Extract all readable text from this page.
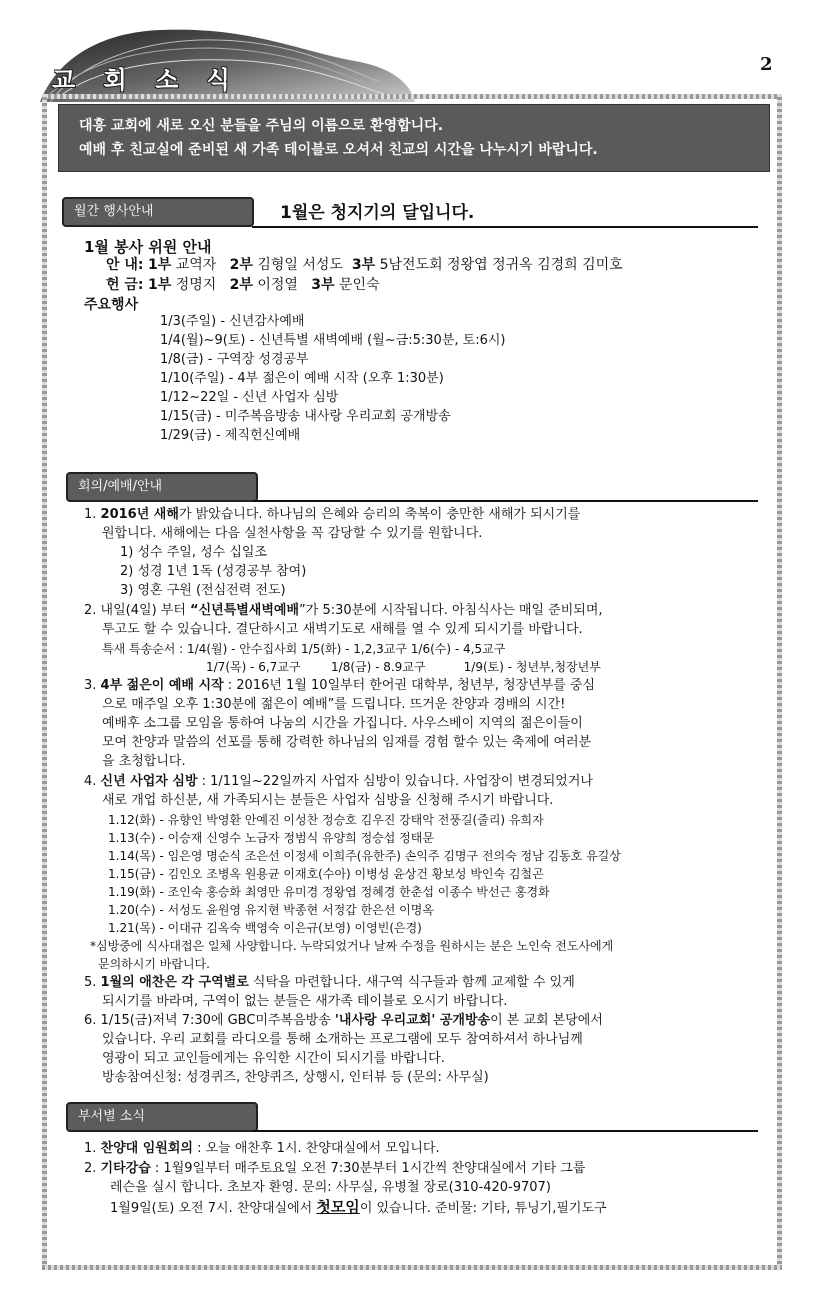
교 회 소 식
2
대흥 교회에 새로 오신 분들을 주님의 이름으로 환영합니다.
예배 후 친교실에 준비된 새 가족 테이블로 오셔서 친교의 시간을 나누시기 바랍니다.
월간 행사안내	1월은 청지기의 달입니다.
1월 봉사 위원 안내
안 내: 1부 교역자 2부 김형일 서성도 3부 5남전도회 정왕엽 정귀옥 김경희 김미호
헌 금: 1부 정명지 2부 이정열 3부 문인숙
주요행사
1/3(주일) - 신년감사예배
1/4(월)~9(토) - 신년특별 새벽예배 (월~금:5:30분, 토:6시)
1/8(금) - 구역장 성경공부
1/10(주일) - 4부 젊은이 예배 시작 (오후 1:30분)
1/12~22일 - 신년 사업자 심방
1/15(금) - 미주복음방송 내사랑 우리교회 공개방송
1/29(금) - 제직헌신예배
회의/예배/안내
1. 2016년 새해가 밝았습니다. 하나님의 은혜와 승리의 축복이 충만한 새해가 되시기를
원합니다. 새해에는 다음 실천사항을 꼭 감당할 수 있기를 원합니다.
1) 성수 주일, 성수 십일조
2) 성경 1년 1독 (성경공부 참여)
3) 영혼 구원 (전심전력 전도)
2. 내일(4일) 부터 “신년특별새벽예배”가 5:30분에 시작됩니다. 아침식사는 매일 준비되며,
투고도 할 수 있습니다. 결단하시고 새벽기도로 새해를 열 수 있게 되시기를 바랍니다.
특새 특송순서 : 1/4(월) - 안수집사회 1/5(화) - 1,2,3교구 1/6(수) - 4,5교구
1/7(목) - 6,7교구        1/8(금) - 8.9교구          1/9(토) - 청년부,청장년부
3. 4부 젊은이 예배 시작 : 2016년 1월 10일부터 한어권 대학부, 청년부, 청장년부를 중심
으로 매주일 오후 1:30분에 젊은이 예배”를 드립니다. 뜨거운 찬양과 경배의 시간!
예배후 소그룹 모임을 통하여 나눔의 시간을 가집니다. 사우스베이 지역의 젊은이들이
모여 찬양과 말씀의 선포를 통해 강력한 하나님의 임재를 경험 할수 있는 축제에 여러분
을 초청합니다.
4. 신년 사업자 심방 : 1/11일~22일까지 사업자 심방이 있습니다. 사업장이 변경되었거나
새로 개업 하신분, 새 가족되시는 분들은 사업자 심방을 신청해 주시기 바랍니다.
1.12(화) - 유향인 박영환 안예진 이성찬 정승호 김우진 강태악 전풍길(줄리) 유희자
1.13(수) - 이승재 신영수 노금자 정범식 유양희 정승섭 정태문
1.14(목) - 임은영 명순식 조은선 이정세 이희주(유한주) 손익주 김명구 전의숙 정남 김동호 유길상
1.15(금) - 김인오 조병옥 원용균 이재호(수아) 이병성 윤상건 황보성 박인숙 김철곤
1.19(화) - 조인숙 홍승화 최영만 유미경 정왕엽 정혜경 한춘섭 이종수 박선근 홍경화
1.20(수) - 서성도 윤원영 유지현 박종현 서정갑 한은선 이명옥
1.21(목) - 이대규 김옥숙 백영숙 이은규(보영) 이영빈(은경)
*심방중에 식사대접은 일체 사양합니다. 누락되었거나 날짜 수정을 원하시는 분은 노인숙 전도사에게
문의하시기 바랍니다.
5. 1월의 애찬은 각 구역별로 식탁을 마련합니다. 새구역 식구들과 함께 교제할 수 있게
되시기를 바라며, 구역이 없는 분들은 새가족 테이블로 오시기 바랍니다.
6. 1/15(금)저녁 7:30에 GBC미주복음방송 '내사랑 우리교회' 공개방송이 본 교회 본당에서
있습니다. 우리 교회를 라디오를 통해 소개하는 프로그램에 모두 참여하셔서 하나님께
영광이 되고 교인들에게는 유익한 시간이 되시기를 바랍니다.
방송참여신청: 성경퀴즈, 찬양퀴즈, 상행시, 인터뷰 등 (문의: 사무실)
부서별 소식
1. 찬양대 임원회의 : 오늘 애찬후 1시. 찬양대실에서 모입니다.
2. 기타강습 : 1월9일부터 매주토요일 오전 7:30분부터 1시간씩 찬양대실에서 기타 그룹
레슨을 실시 합니다. 초보자 환영. 문의: 사무실, 유병철 장로(310-420-9707)
1월9일(토) 오전 7시. 찬양대실에서 첫모임이 있습니다. 준비물: 기타, 튜닝기,필기도구
